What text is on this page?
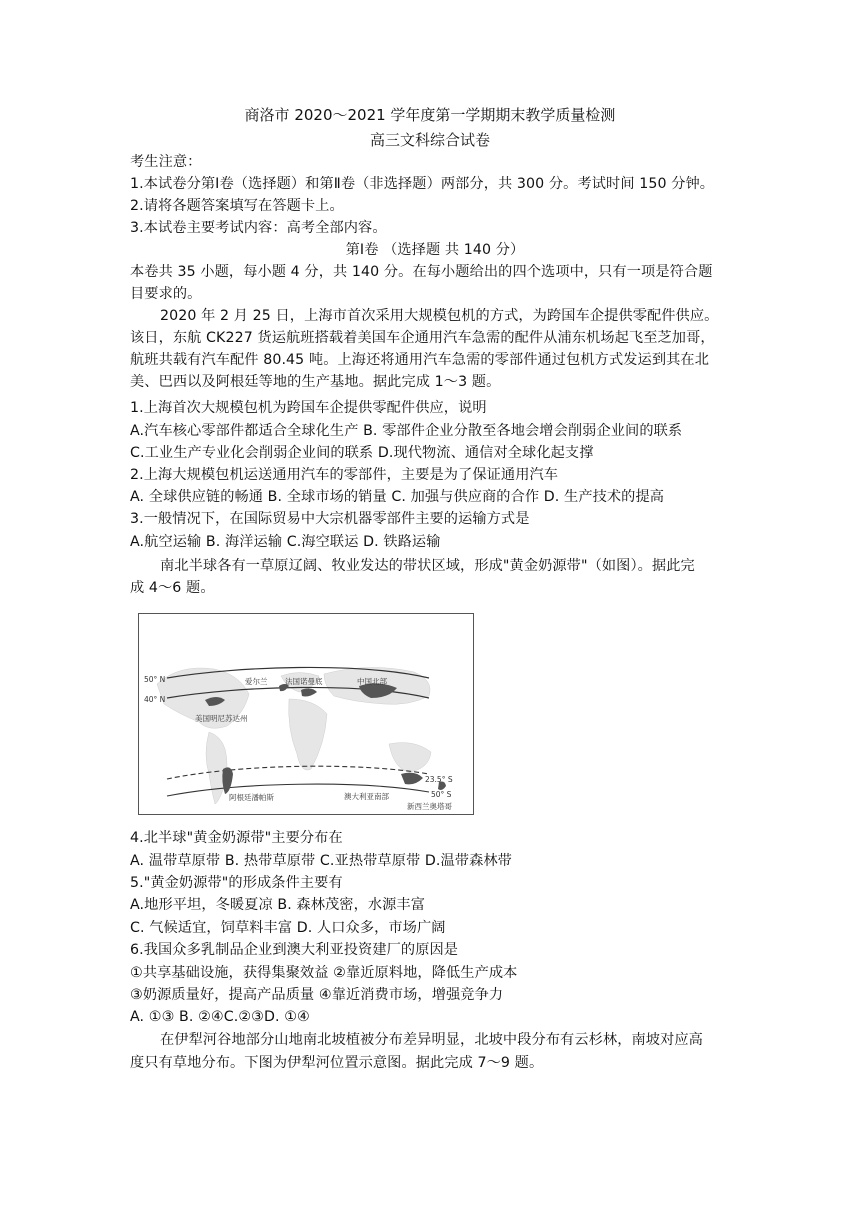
商洛市 2020～2021 学年度第一学期期末教学质量检测
高三文科综合试卷
考生注意：
1.本试卷分第Ⅰ卷（选择题）和第Ⅱ卷（非选择题）两部分，共 300 分。考试时间 150 分钟。
2.请将各题答案填写在答题卡上。
3.本试卷主要考试内容：高考全部内容。
第Ⅰ卷 （选择题 共 140 分）
本卷共 35 小题，每小题 4 分，共 140 分。在每小题给出的四个选项中，只有一项是符合题
目要求的。
2020 年 2 月 25 日，上海市首次采用大规模包机的方式，为跨国车企提供零配件供应。
该日，东航 CK227 货运航班搭载着美国车企通用汽车急需的配件从浦东机场起飞至芝加哥，
航班共载有汽车配件 80.45 吨。上海还将通用汽车急需的零部件通过包机方式发运到其在北
美、巴西以及阿根廷等地的生产基地。据此完成 1～3 题。
1.上海首次大规模包机为跨国车企提供零配件供应，说明
A.汽车核心零部件都适合全球化生产 B. 零部件企业分散至各地会增会削弱企业间的联系
C.工业生产专业化会削弱企业间的联系 D.现代物流、通信对全球化起支撑
2.上海大规模包机运送通用汽车的零部件，主要是为了保证通用汽车
A. 全球供应链的畅通 B. 全球市场的销量 C. 加强与供应商的合作 D. 生产技术的提高
3.一般情况下，在国际贸易中大宗机器零部件主要的运输方式是
A.航空运输 B. 海洋运输 C.海空联运 D. 铁路运输
南北半球各有一草原辽阔、牧业发达的带状区域，形成"黄金奶源带"（如图）。据此完
成 4～6 题。
50° N
40° N
23.5° S
50° S
爱尔兰 法国诺曼底	中国北部
美国明尼苏达州
阿根廷潘帕斯	澳大利亚南部
新西兰奥塔哥
4.北半球"黄金奶源带"主要分布在
A. 温带草原带 B. 热带草原带 C.亚热带草原带 D.温带森林带
5."黄金奶源带"的形成条件主要有
A.地形平坦，冬暖夏凉 B. 森林茂密，水源丰富
C. 气候适宜，饲草料丰富 D. 人口众多，市场广阔
6.我国众多乳制品企业到澳大利亚投资建厂的原因是
①共享基础设施，获得集聚效益 ②靠近原料地，降低生产成本
③奶源质量好，提高产品质量 ④靠近消费市场，增强竞争力
A. ①③ B. ②④C.②③D. ①④
在伊犁河谷地部分山地南北坡植被分布差异明显，北坡中段分布有云杉林，南坡对应高
度只有草地分布。下图为伊犁河位置示意图。据此完成 7～9 题。
